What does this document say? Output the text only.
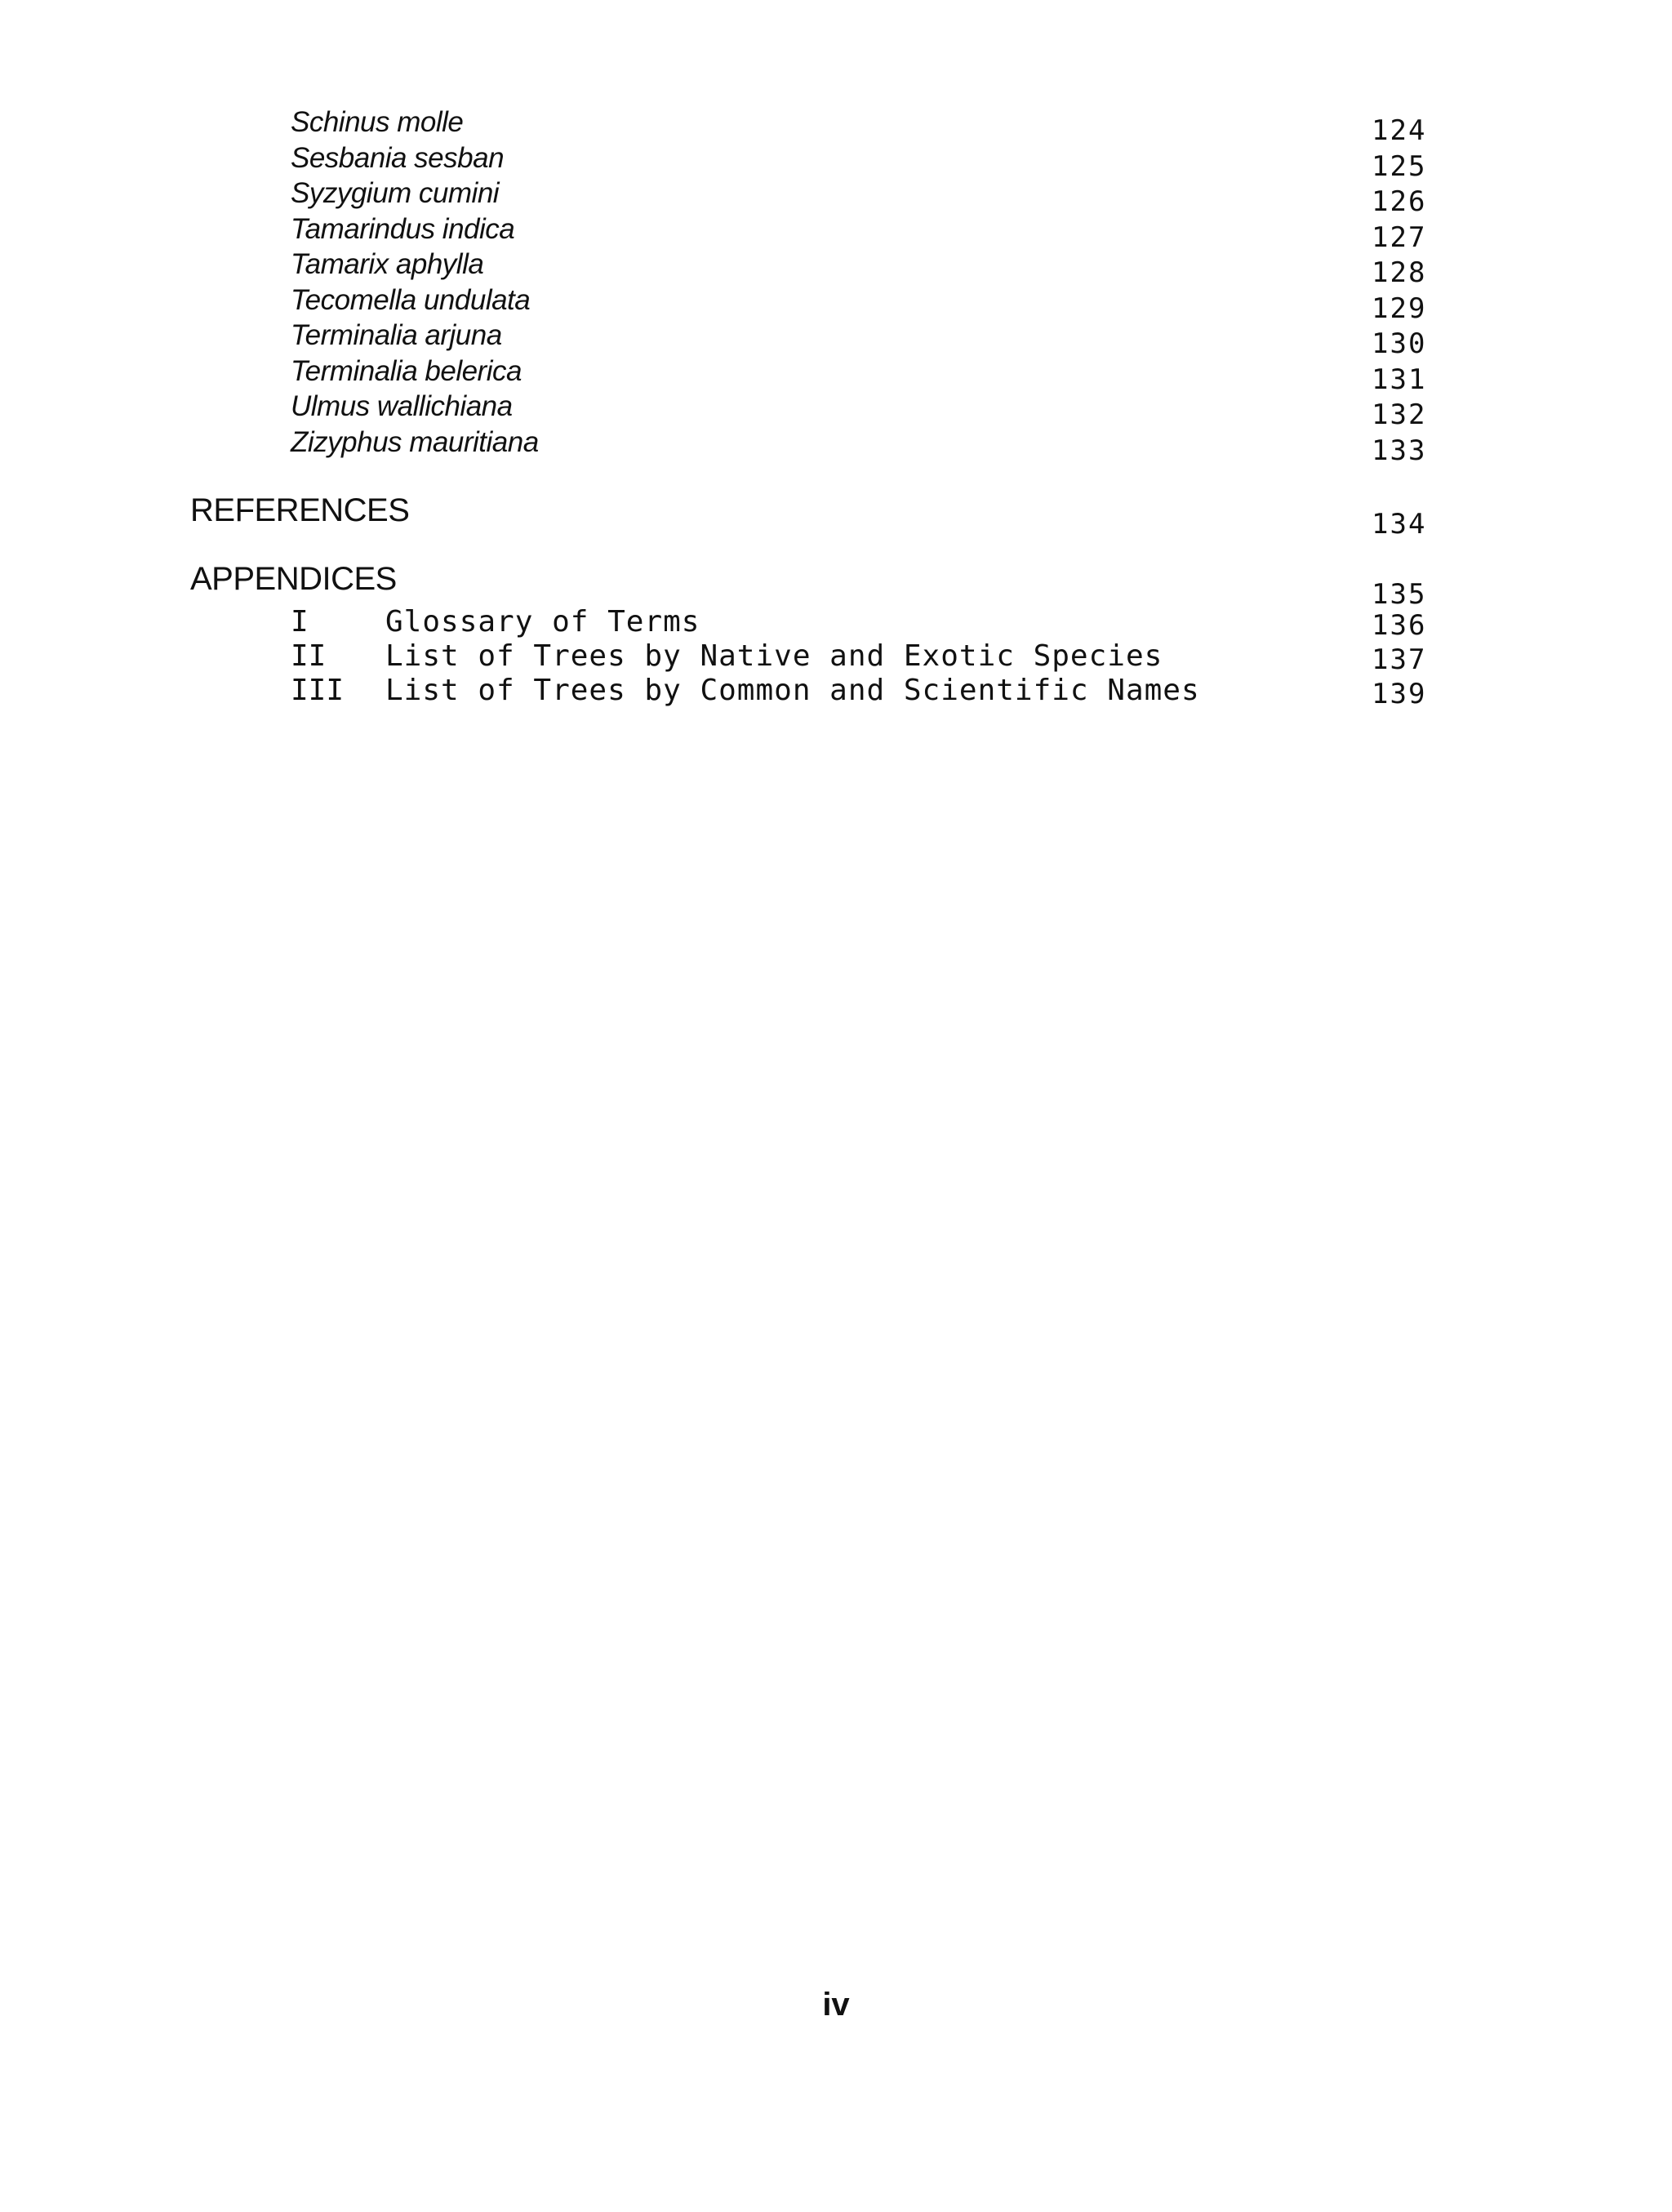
Schinus molle	124
Sesbania sesban	125
Syzygium cumini	126
Tamarindus indica	127
Tamarix aphylla	128
Tecomella undulata	129
Terminalia arjuna	130
Terminalia belerica	131
Ulmus wallichiana	132
Zizyphus mauritiana	133
REFERENCES	134
APPENDICES	135
I	Glossary of Terms	136
II List of Trees by Native and Exotic Species	137
III List of Trees by Common and Scientific Names	139
iv
